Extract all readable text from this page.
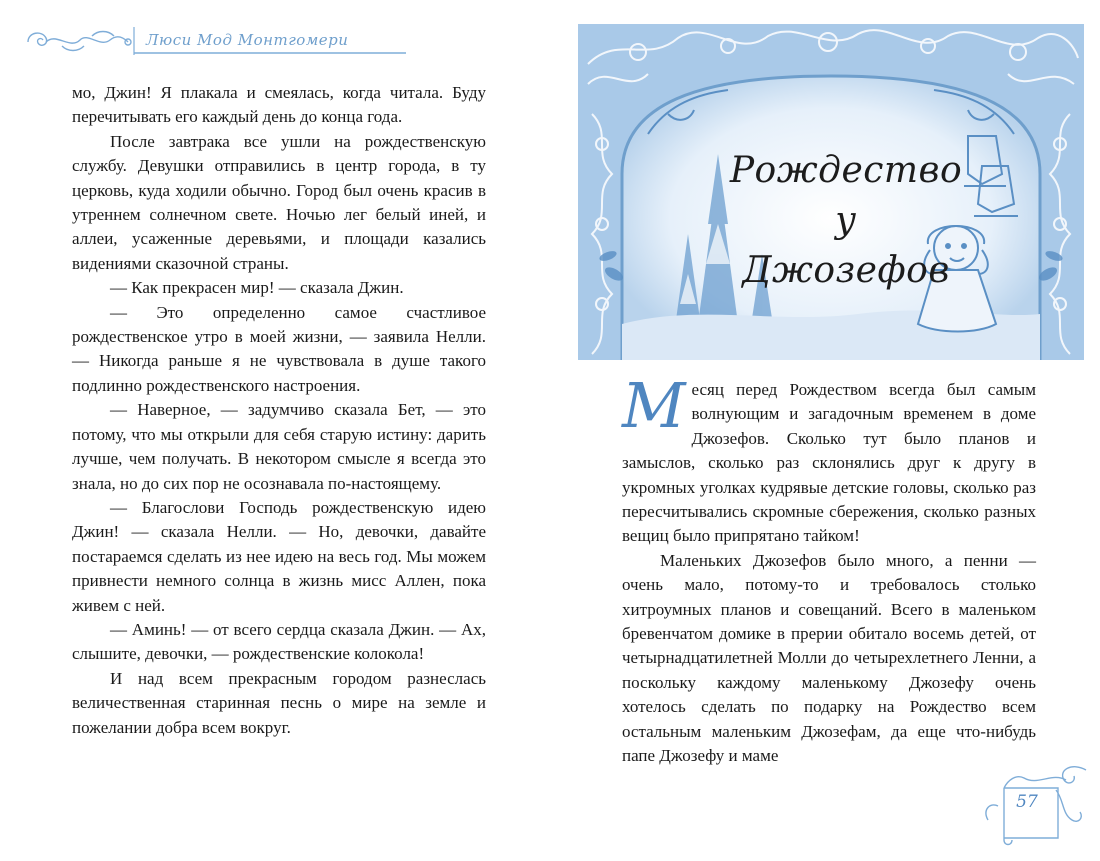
Люси Мод Монтгомери

мо, Джин! Я плакала и смеялась, когда читала. Буду перечитывать его каждый день до конца года.

После завтрака все ушли на рождественскую службу. Девушки отправились в центр города, в ту церковь, куда ходили обычно. Город был очень красив в утреннем солнечном свете. Ночью лег белый иней, и аллеи, усаженные деревьями, и площади казались видениями сказочной страны.

— Как прекрасен мир! — сказала Джин.

— Это определенно самое счастливое рождественское утро в моей жизни, — заявила Нелли. — Никогда раньше я не чувствовала в душе такого подлинно рождественского настроения.

— Наверное, — задумчиво сказала Бет, — это потому, что мы открыли для себя старую истину: дарить лучше, чем получать. В некотором смысле я всегда это знала, но до сих пор не осознавала по-настоящему.

— Благослови Господь рождественскую идею Джин! — сказала Нелли. — Но, девочки, давайте постараемся сделать из нее идею на весь год. Мы можем привнести немного солнца в жизнь мисс Аллен, пока живем с ней.

— Аминь! — от всего сердца сказала Джин. — Ах, слышите, девочки, — рождественские колокола!

И над всем прекрасным городом разнеслась величественная старинная песнь о мире на земле и пожелании добра всем вокруг.

Рождество
у Джозефов

Месяц перед Рождеством всегда был самым волнующим и загадочным временем в доме Джозефов. Сколько тут было планов и замыслов, сколько раз склонялись друг к другу в укромных уголках кудрявые детские головы, сколько раз пересчитывались скромные сбережения, сколько разных вещиц было припрятано тайком!

Маленьких Джозефов было много, а пенни — очень мало, потому-то и требовалось столько хитроумных планов и совещаний. Всего в маленьком бревенчатом домике в прерии обитало восемь детей, от четырнадцатилетней Молли до четырехлетнего Ленни, а поскольку каждому маленькому Джозефу очень хотелось сделать по подарку на Рождество всем остальным маленьким Джозефам, да еще что-нибудь папе Джозефу и маме

57
